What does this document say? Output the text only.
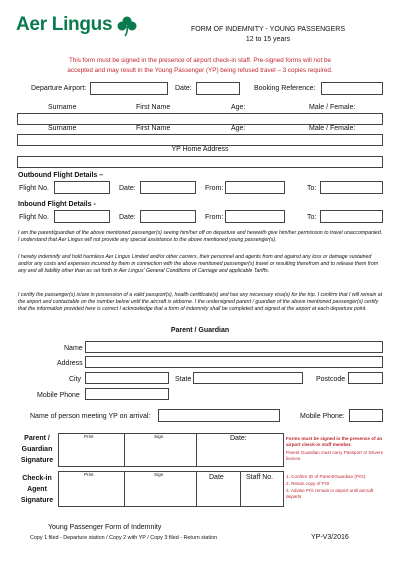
Aer Lingus	FORM OF INDEMNITY - YOUNG PASSENGERS
12 to 15 years
This form must be signed in the presence of airport check-in staff. Pre-signed forms will not be
accepted and may result in the Young Passenger (YP) being refused travel – 3 copies required.
Departure Airport:	Date:	Booking Reference:
Surname	First Name	Age:	Male / Female:
Surname	First Name	Age:	Male / Female:
YP Home Address
Outbound Flight Details –
Flight No.	Date:	From:	To:
Inbound Flight Details -
Flight No.	Date:	From:	To:
I am the parent/guardian of the above mentioned passenger(s) seeing him/her off on departure and herewith give him/her permission to travel unaccompanied. I understand that Aer Lingus will not provide any special assistance to the above mentioned young passenger(s).
I hereby indemnify and hold harmless Aer Lingus Limited and/or other carriers, their personnel and agents from and against any loss or damage sustained and/or any costs and expenses incurred by them in connection with the above mentioned passenger(s) travel or resulting therefrom and to release them from any and all liability other than as set forth in Aer Lingus' General Conditions of Carriage and applicable Tariffs.
I certify the passenger(s) is/are in possession of a valid passport(s), health certificate(s) and has any necessary visa(s) for the trip. I confirm that I will remain at the airport and contactable on the number below until the aircraft is airborne. I the undersigned parent / guardian of the above mentioned passenger(s) certify that the information provided here is correct I acknowledge that a form of indemnity shall be completed and signed at the airport at each departure point.
Parent / Guardian
Name
Address
City	State	Postcode
Mobile Phone
Name of person meeting YP on arrival:	Mobile Phone:
Parent /
Guardian
Signature
Print	Sign	Date:	Forms must be signed in the presence of an airport check-in staff member.
Parent Guardian must carry Passport or Drivers licence.
Check-in
Agent
Signature
Print	Sign	Date	Staff No.	1. Confirm ID of Parent/Guardian (P/G)
2. Retain copy of FOI
3. Advise P/G remain in airport until aircraft departs
Young Passenger Form of Indemnity
Copy 1 filed - Departure station / Copy 2 with YP / Copy 3 filed - Return station	YP-V3/2016
